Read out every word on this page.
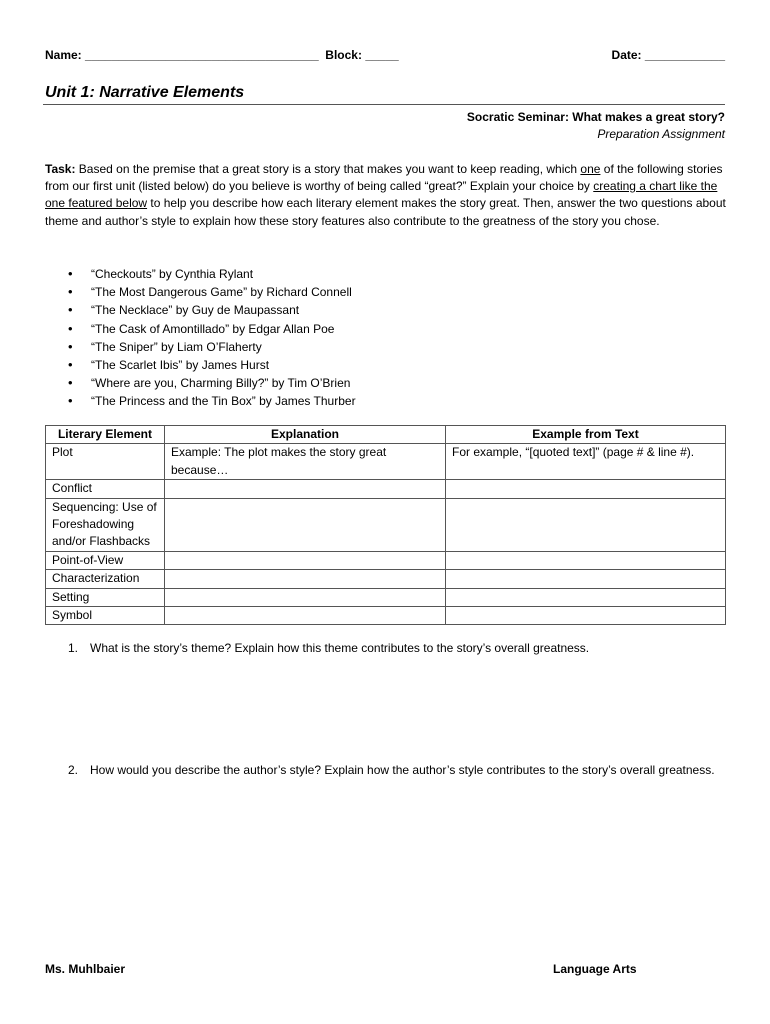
Name: ___________________________________ Block: _____	Date: ____________
Unit 1: Narrative Elements
Socratic Seminar: What makes a great story?
Preparation Assignment
Task: Based on the premise that a great story is a story that makes you want to keep reading, which one of the following stories from our first unit (listed below) do you believe is worthy of being called “great?” Explain your choice by creating a chart like the one featured below to help you describe how each literary element makes the story great. Then, answer the two questions about theme and author’s style to explain how these story features also contribute to the greatness of the story you chose.
• “Checkouts” by Cynthia Rylant
• “The Most Dangerous Game” by Richard Connell
• “The Necklace” by Guy de Maupassant
• “The Cask of Amontillado” by Edgar Allan Poe
• “The Sniper” by Liam O’Flaherty
• “The Scarlet Ibis” by James Hurst
• “Where are you, Charming Billy?” by Tim O’Brien
• “The Princess and the Tin Box” by James Thurber
Literary Element	Explanation	Example from Text
Plot	Example: The plot makes the story great because…	For example, “[quoted text]” (page # & line #).
Conflict		
Sequencing: Use of Foreshadowing and/or Flashbacks		
Point-of-View		
Characterization		
Setting		
Symbol		
1. What is the story’s theme? Explain how this theme contributes to the story’s overall greatness.
2. How would you describe the author’s style? Explain how the author’s style contributes to the story’s overall greatness.
Ms. Muhlbaier	Language Arts
